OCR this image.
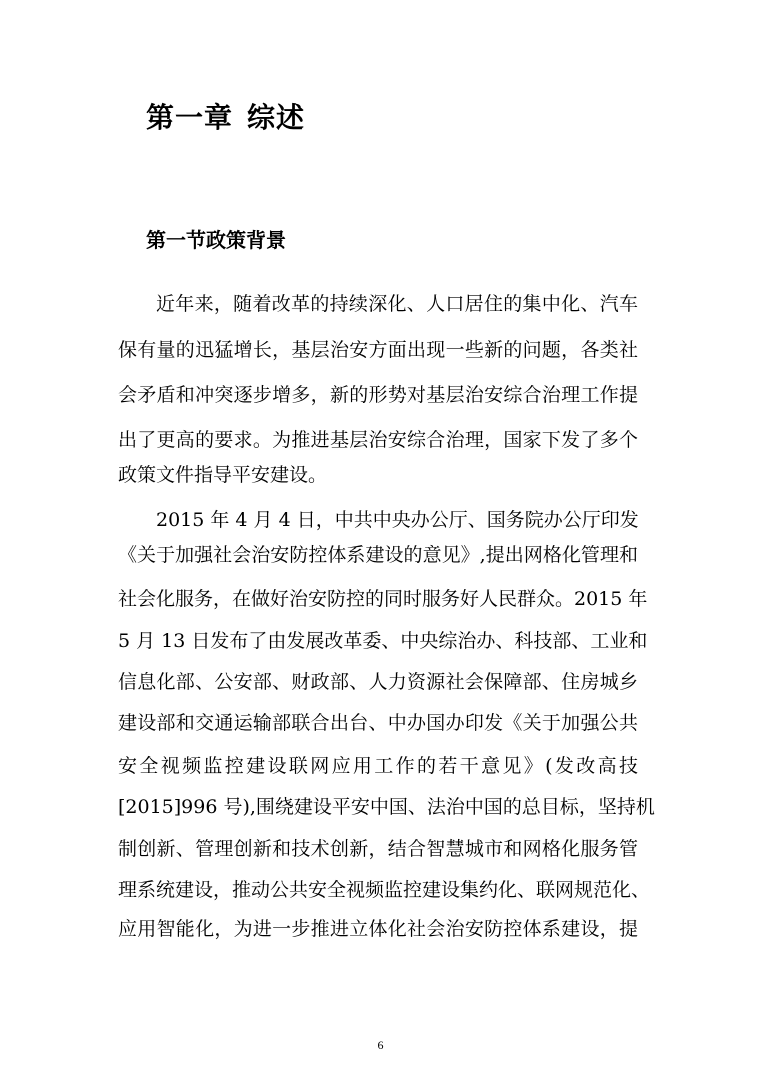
第一章 综述
第一节政策背景

近年来，随着改革的持续深化、人口居住的集中化、汽车

保有量的迅猛增长，基层治安方面出现一些新的问题，各类社

会矛盾和冲突逐步增多，新的形势对基层治安综合治理工作提

出了更高的要求。为推进基层治安综合治理，国家下发了多个

政策文件指导平安建设。

2015 年 4 月 4 日，中共中央办公厅、国务院办公厅印发

《关于加强社会治安防控体系建设的意见》,提出网格化管理和

社会化服务，在做好治安防控的同时服务好人民群众。2015 年

5 月 13 日发布了由发展改革委、中央综治办、科技部、工业和

信息化部、公安部、财政部、人力资源社会保障部、住房城乡

建设部和交通运输部联合出台、中办国办印发《关于加强公共

安全视频监控建设联网应用工作的若干意见》(发改高技

[2015]996 号),围绕建设平安中国、法治中国的总目标，坚持机

制创新、管理创新和技术创新，结合智慧城市和网格化服务管

理系统建设，推动公共安全视频监控建设集约化、联网规范化、

应用智能化，为进一步推进立体化社会治安防控体系建设，提

6
